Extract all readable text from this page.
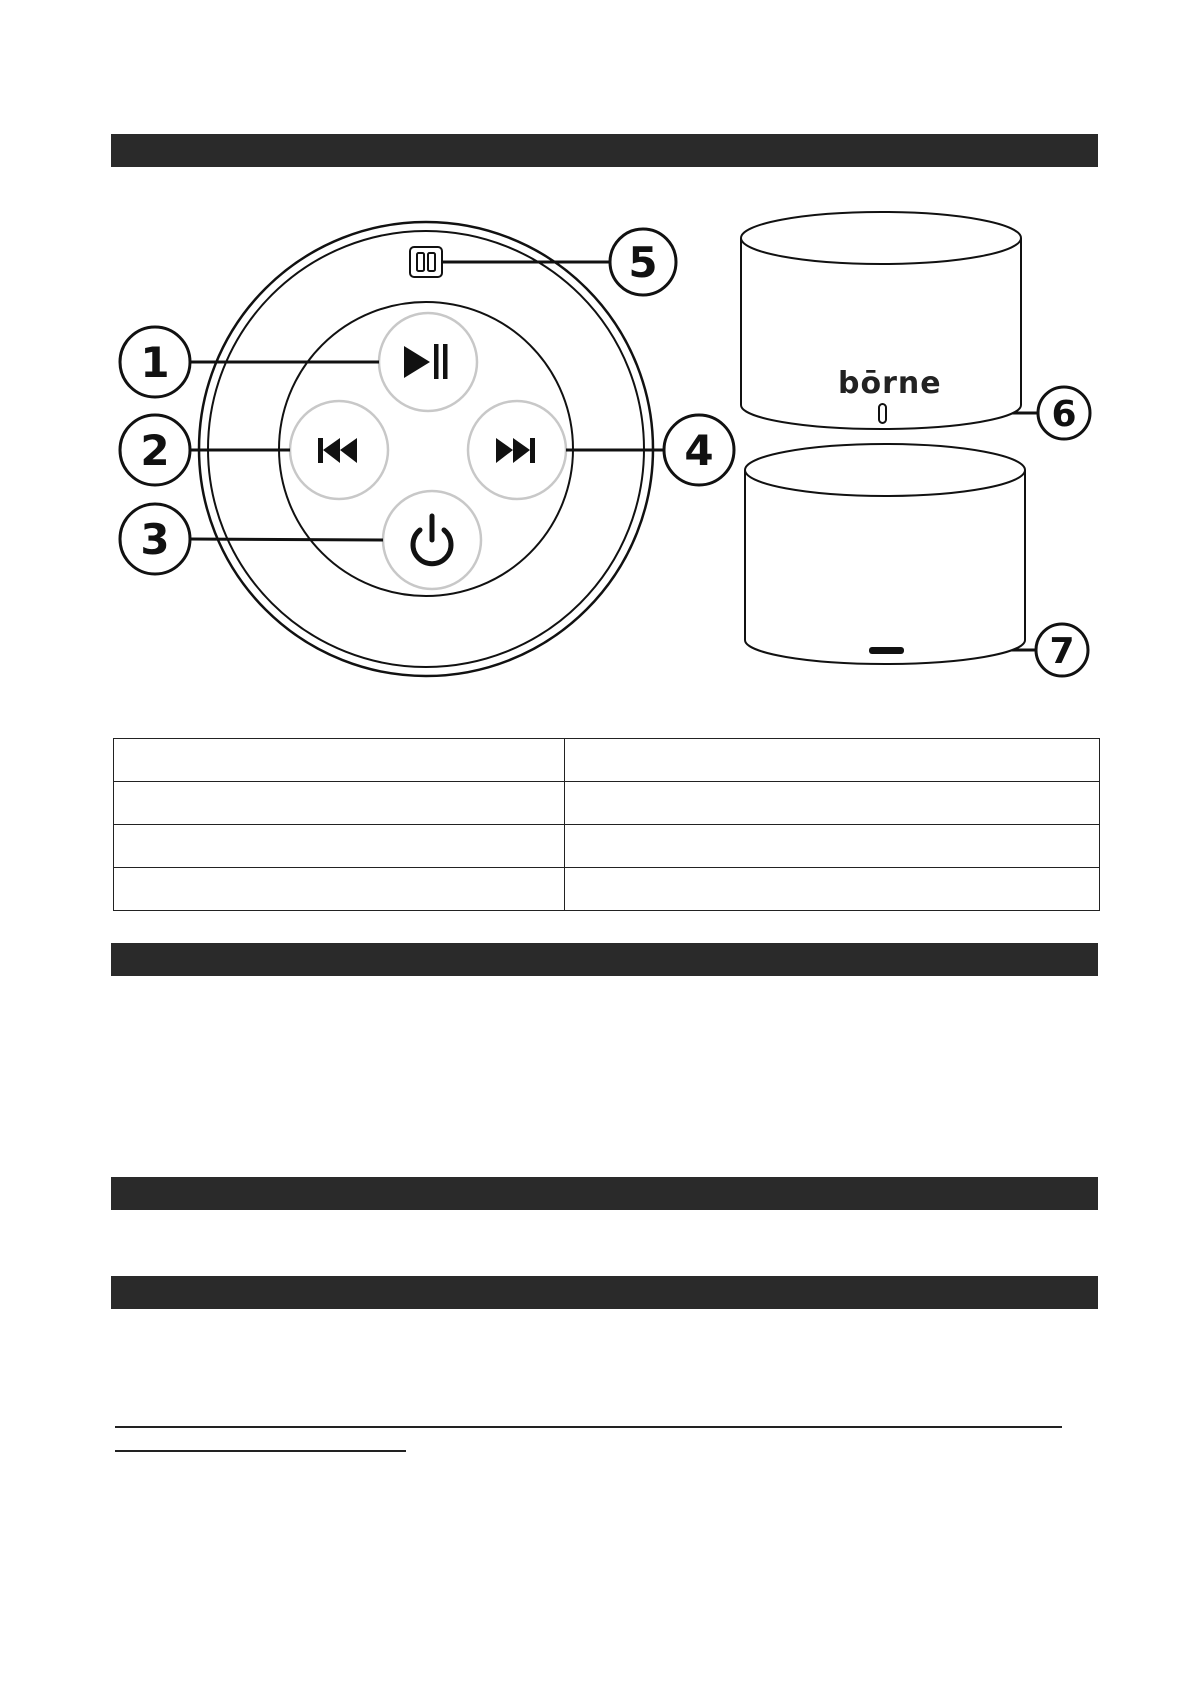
bōrne
1
2
3
4
5
6
7
